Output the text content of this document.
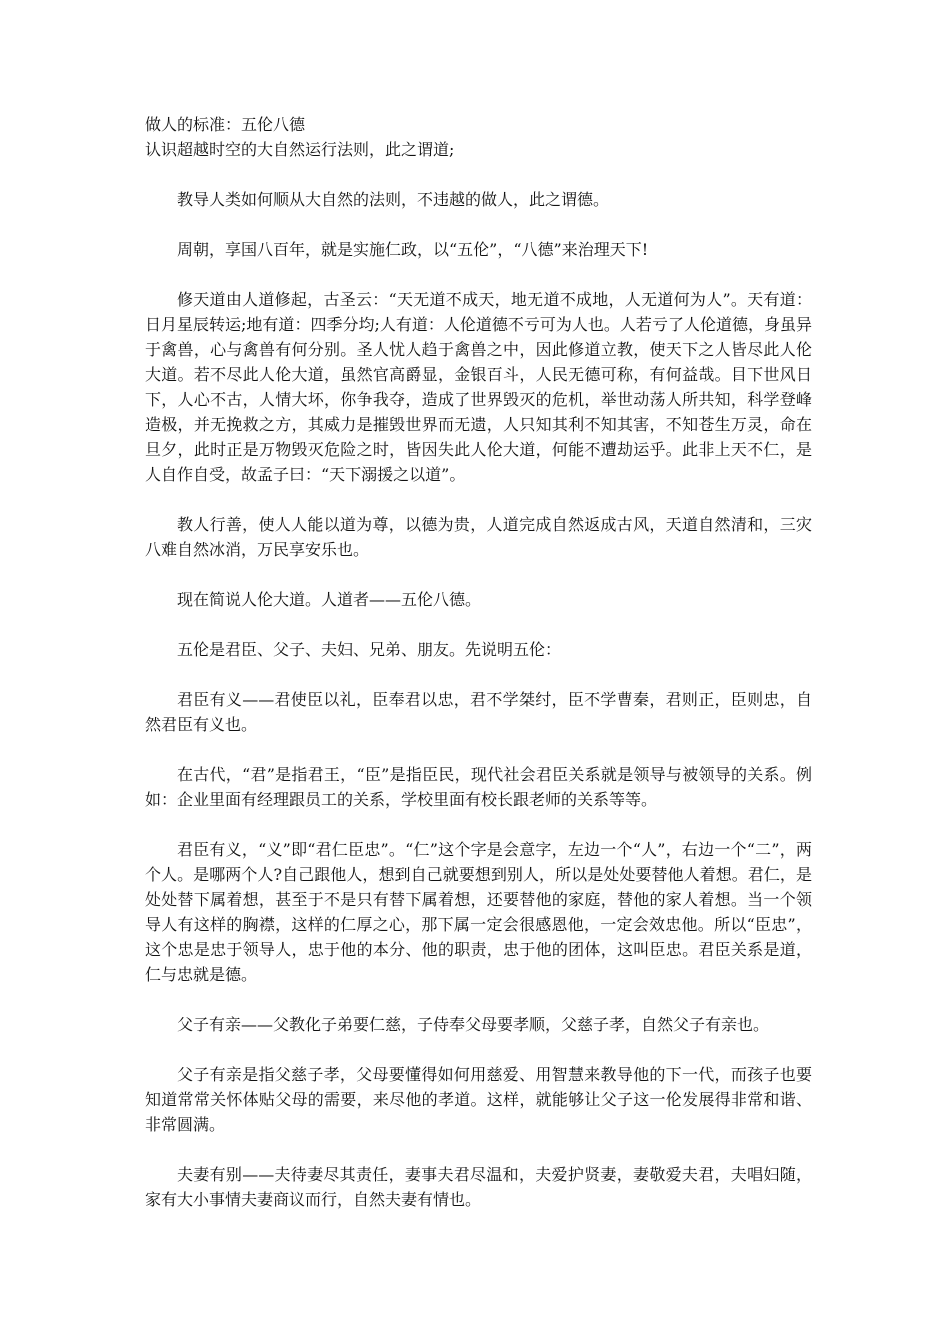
做人的标准：五伦八德

认识超越时空的大自然运行法则，此之谓道;

教导人类如何顺从大自然的法则，不违越的做人，此之谓德。

周朝，享国八百年，就是实施仁政，以“五伦”，“八德”来治理天下!

修天道由人道修起，古圣云：“天无道不成天，地无道不成地，人无道何为人”。天有道：日月星辰转运;地有道：四季分均;人有道：人伦道德不亏可为人也。人若亏了人伦道德，身虽异于禽兽，心与禽兽有何分别。圣人忧人趋于禽兽之中，因此修道立教，使天下之人皆尽此人伦大道。若不尽此人伦大道，虽然官高爵显，金银百斗，人民无德可称，有何益哉。目下世风日下，人心不古，人情大坏，你争我夺，造成了世界毁灭的危机，举世动荡人所共知，科学登峰造极，并无挽救之方，其威力是摧毁世界而无遗，人只知其利不知其害，不知苍生万灵，命在旦夕，此时正是万物毁灭危险之时，皆因失此人伦大道，何能不遭劫运乎。此非上天不仁，是人自作自受，故孟子曰：“天下溺援之以道”。

教人行善，使人人能以道为尊，以德为贵，人道完成自然返成古风，天道自然清和，三灾八难自然冰消，万民享安乐也。

现在简说人伦大道。人道者——五伦八德。

五伦是君臣、父子、夫妇、兄弟、朋友。先说明五伦：

君臣有义——君使臣以礼，臣奉君以忠，君不学桀纣，臣不学曹秦，君则正，臣则忠，自然君臣有义也。

在古代，“君”是指君王，“臣”是指臣民，现代社会君臣关系就是领导与被领导的关系。例如：企业里面有经理跟员工的关系，学校里面有校长跟老师的关系等等。

君臣有义，“义”即“君仁臣忠”。“仁”这个字是会意字，左边一个“人”，右边一个“二”，两个人。是哪两个人?自己跟他人，想到自己就要想到别人，所以是处处要替他人着想。君仁，是处处替下属着想，甚至于不是只有替下属着想，还要替他的家庭，替他的家人着想。当一个领导人有这样的胸襟，这样的仁厚之心，那下属一定会很感恩他，一定会效忠他。所以“臣忠”，这个忠是忠于领导人，忠于他的本分、他的职责，忠于他的团体，这叫臣忠。君臣关系是道，仁与忠就是德。

父子有亲——父教化子弟要仁慈，子侍奉父母要孝顺，父慈子孝，自然父子有亲也。

父子有亲是指父慈子孝，父母要懂得如何用慈爱、用智慧来教导他的下一代，而孩子也要知道常常关怀体贴父母的需要，来尽他的孝道。这样，就能够让父子这一伦发展得非常和谐、非常圆满。

夫妻有别——夫待妻尽其责任，妻事夫君尽温和，夫爱护贤妻，妻敬爱夫君，夫唱妇随，家有大小事情夫妻商议而行，自然夫妻有情也。
